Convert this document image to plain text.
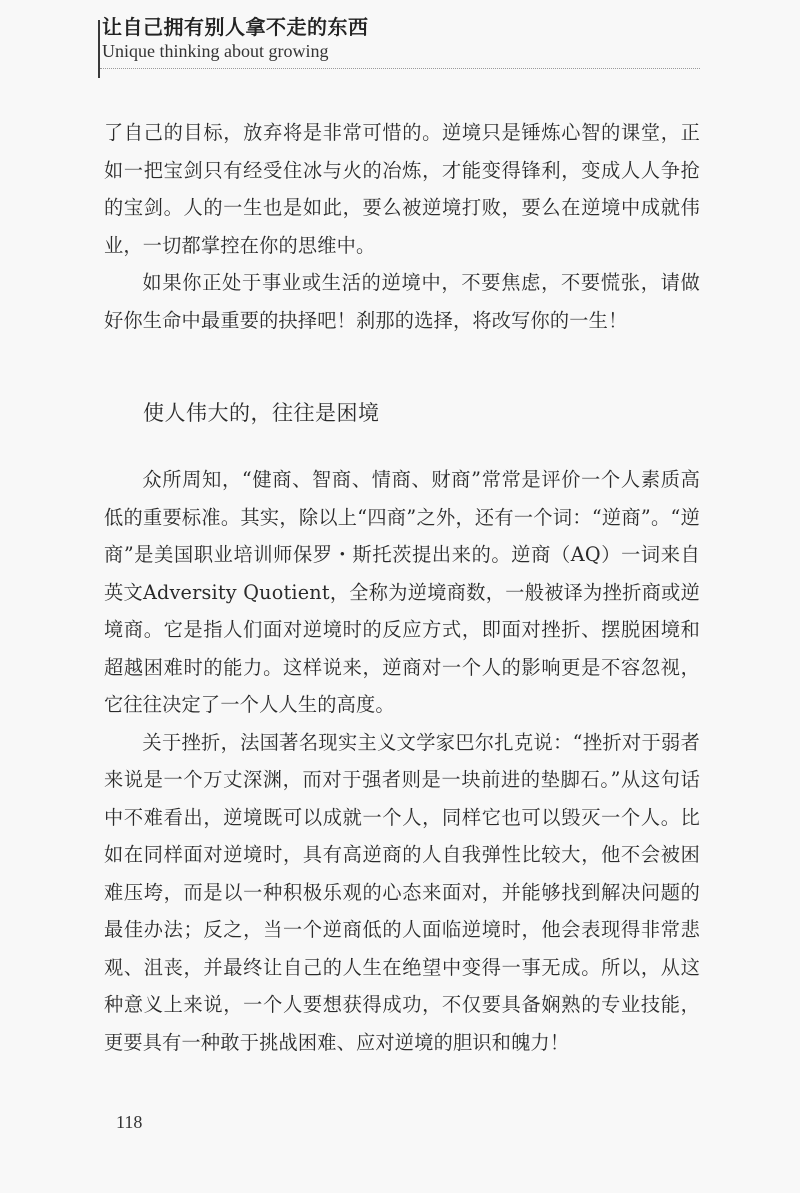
让自己拥有别人拿不走的东西
Unique thinking about growing

了自己的目标，放弃将是非常可惜的。逆境只是锤炼心智的课堂，正如一把宝剑只有经受住冰与火的冶炼，才能变得锋利，变成人人争抢的宝剑。人的一生也是如此，要么被逆境打败，要么在逆境中成就伟业，一切都掌控在你的思维中。

如果你正处于事业或生活的逆境中，不要焦虑，不要慌张，请做好你生命中最重要的抉择吧！刹那的选择，将改写你的一生！

使人伟大的，往往是困境

众所周知，“健商、智商、情商、财商”常常是评价一个人素质高低的重要标准。其实，除以上“四商”之外，还有一个词：“逆商”。“逆商”是美国职业培训师保罗・斯托茨提出来的。逆商（AQ）一词来自英文Adversity Quotient，全称为逆境商数，一般被译为挫折商或逆境商。它是指人们面对逆境时的反应方式，即面对挫折、摆脱困境和超越困难时的能力。这样说来，逆商对一个人的影响更是不容忽视，它往往决定了一个人人生的高度。

关于挫折，法国著名现实主义文学家巴尔扎克说：“挫折对于弱者来说是一个万丈深渊，而对于强者则是一块前进的垫脚石。”从这句话中不难看出，逆境既可以成就一个人，同样它也可以毁灭一个人。比如在同样面对逆境时，具有高逆商的人自我弹性比较大，他不会被困难压垮，而是以一种积极乐观的心态来面对，并能够找到解决问题的最佳办法；反之，当一个逆商低的人面临逆境时，他会表现得非常悲观、沮丧，并最终让自己的人生在绝望中变得一事无成。所以，从这种意义上来说，一个人要想获得成功，不仅要具备娴熟的专业技能，更要具有一种敢于挑战困难、应对逆境的胆识和魄力！

118
